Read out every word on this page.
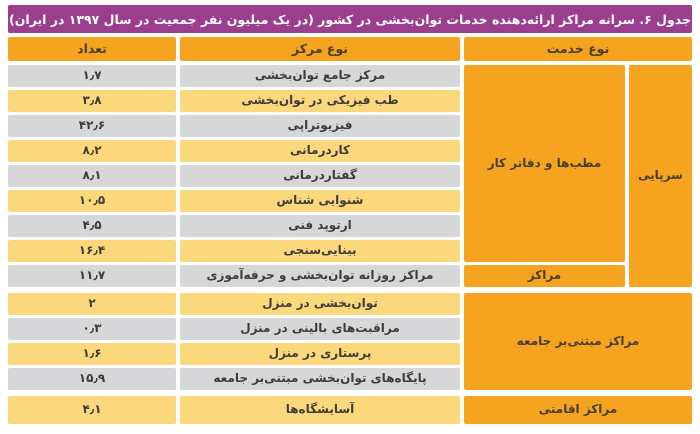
جدول ۶. سرانه مراکز ارائه‌دهنده خدمات توان‌بخشی در کشور (در یک میلیون نفر جمعیت در سال ۱۳۹۷ در ایران)
نوع خدمت
نوع مرکز
تعداد
سرپایی
مطب‌ها و دفاتر کار
مراکز
مرکز جامع توان‌بخشی
طب فیزیکی در توان‌بخشی
فیزیوتراپی
کاردرمانی
گفتاردرمانی
شنوایی شناس
ارتوپد فنی
بینایی‌سنجی
مراکز روزانه توان‌بخشی و حرفه‌آموزی
۱٫۷
۳٫۸
۴۲٫۶
۸٫۲
۸٫۱
۱۰٫۵
۴٫۵
۱۶٫۴
۱۱٫۷
مراکز مبتنی‌بر جامعه
توان‌بخشی در منزل
مراقبت‌های بالینی در منزل
پرستاری در منزل
پایگاه‌های توان‌بخشی مبتنی‌بر جامعه
۲
۰٫۳
۱٫۶
۱۵٫۹
مراکز اقامتی
آسایشگاه‌ها
۴٫۱
